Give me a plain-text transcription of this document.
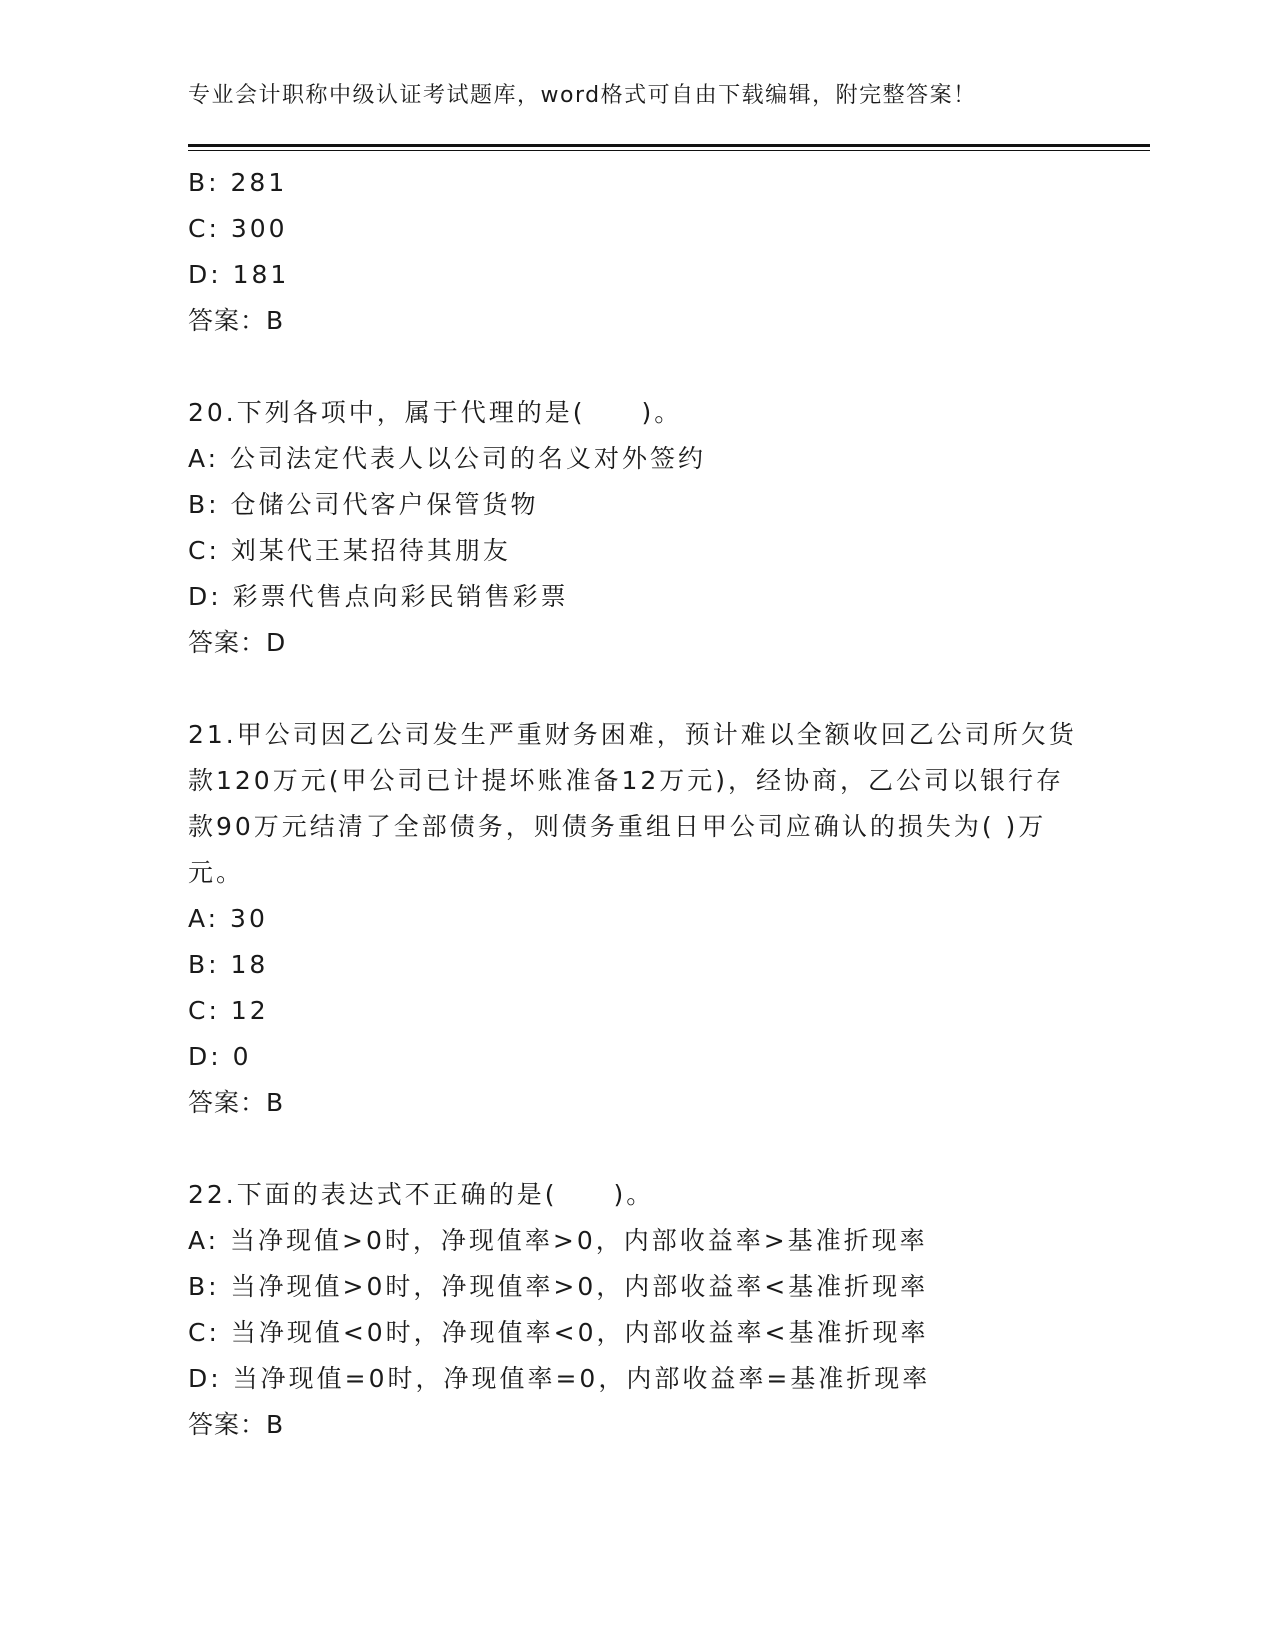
专业会计职称中级认证考试题库，word格式可自由下载编辑，附完整答案！
B: 281
C: 300
D: 181
答案：B
20.下列各项中，属于代理的是(　　)。
A: 公司法定代表人以公司的名义对外签约
B: 仓储公司代客户保管货物
C: 刘某代王某招待其朋友
D: 彩票代售点向彩民销售彩票
答案：D
21.甲公司因乙公司发生严重财务困难，预计难以全额收回乙公司所欠货款120万元(甲公司已计提坏账准备12万元)，经协商，乙公司以银行存款90万元结清了全部债务，则债务重组日甲公司应确认的损失为( )万元。
A: 30
B: 18
C: 12
D: 0
答案：B
22.下面的表达式不正确的是(　　)。
A: 当净现值>0时，净现值率>0，内部收益率>基准折现率
B: 当净现值>0时，净现值率>0，内部收益率<基准折现率
C: 当净现值<0时，净现值率<0，内部收益率<基准折现率
D: 当净现值=0时，净现值率=0，内部收益率=基准折现率
答案：B
